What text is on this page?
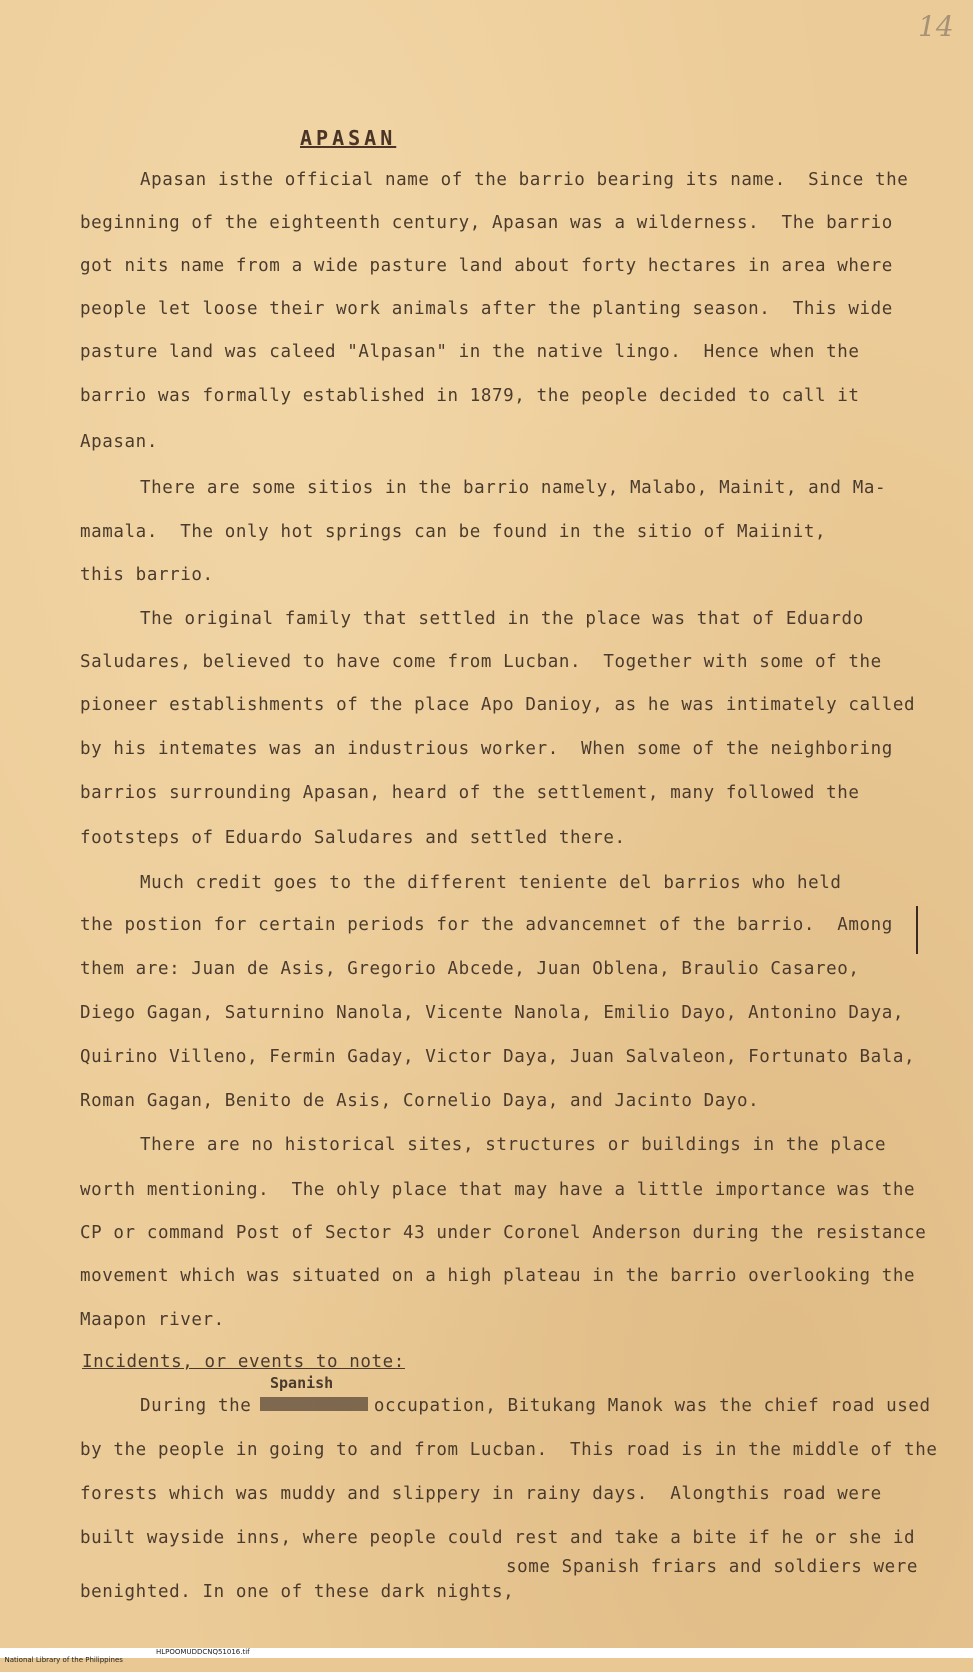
14
APASAN
Apasan isthe official name of the barrio bearing its name.  Since the
beginning of the eighteenth century, Apasan was a wilderness.  The barrio
got nits name from a wide pasture land about forty hectares in area where
people let loose their work animals after the planting season.  This wide
pasture land was caleed "Alpasan" in the native lingo.  Hence when the
barrio was formally established in 1879, the people decided to call it
Apasan.
There are some sitios in the barrio namely, Malabo, Mainit, and Ma-
mamala.  The only hot springs can be found in the sitio of Maiinit,
this barrio.
The original family that settled in the place was that of Eduardo
Saludares, believed to have come from Lucban.  Together with some of the
pioneer establishments of the place Apo Danioy, as he was intimately called
by his intemates was an industrious worker.  When some of the neighboring
barrios surrounding Apasan, heard of the settlement, many followed the
footsteps of Eduardo Saludares and settled there.
Much credit goes to the different teniente del barrios who held
the postion for certain periods for the advancemnet of the barrio.  Among
them are: Juan de Asis, Gregorio Abcede, Juan Oblena, Braulio Casareo,
Diego Gagan, Saturnino Nanola, Vicente Nanola, Emilio Dayo, Antonino Daya,
Quirino Villeno, Fermin Gaday, Victor Daya, Juan Salvaleon, Fortunato Bala,
Roman Gagan, Benito de Asis, Cornelio Daya, and Jacinto Dayo.
There are no historical sites, structures or buildings in the place
worth mentioning.  The ohly place that may have a little importance was the
CP or command Post of Sector 43 under Coronel Anderson during the resistance
movement which was situated on a high plateau in the barrio overlooking the
Maapon river.
Incidents, or events to note:
Spanish
During the           occupation, Bitukang Manok was the chief road used
by the people in going to and from Lucban.  This road is in the middle of the
forests which was muddy and slippery in rainy days.  Alongthis road were
built wayside inns, where people could rest and take a bite if he or she id
benighted. In one of these dark nights,
some Spanish friars and soldiers were

National Library of the Philippines

HLPOOMUDDCNQ51016.tif
